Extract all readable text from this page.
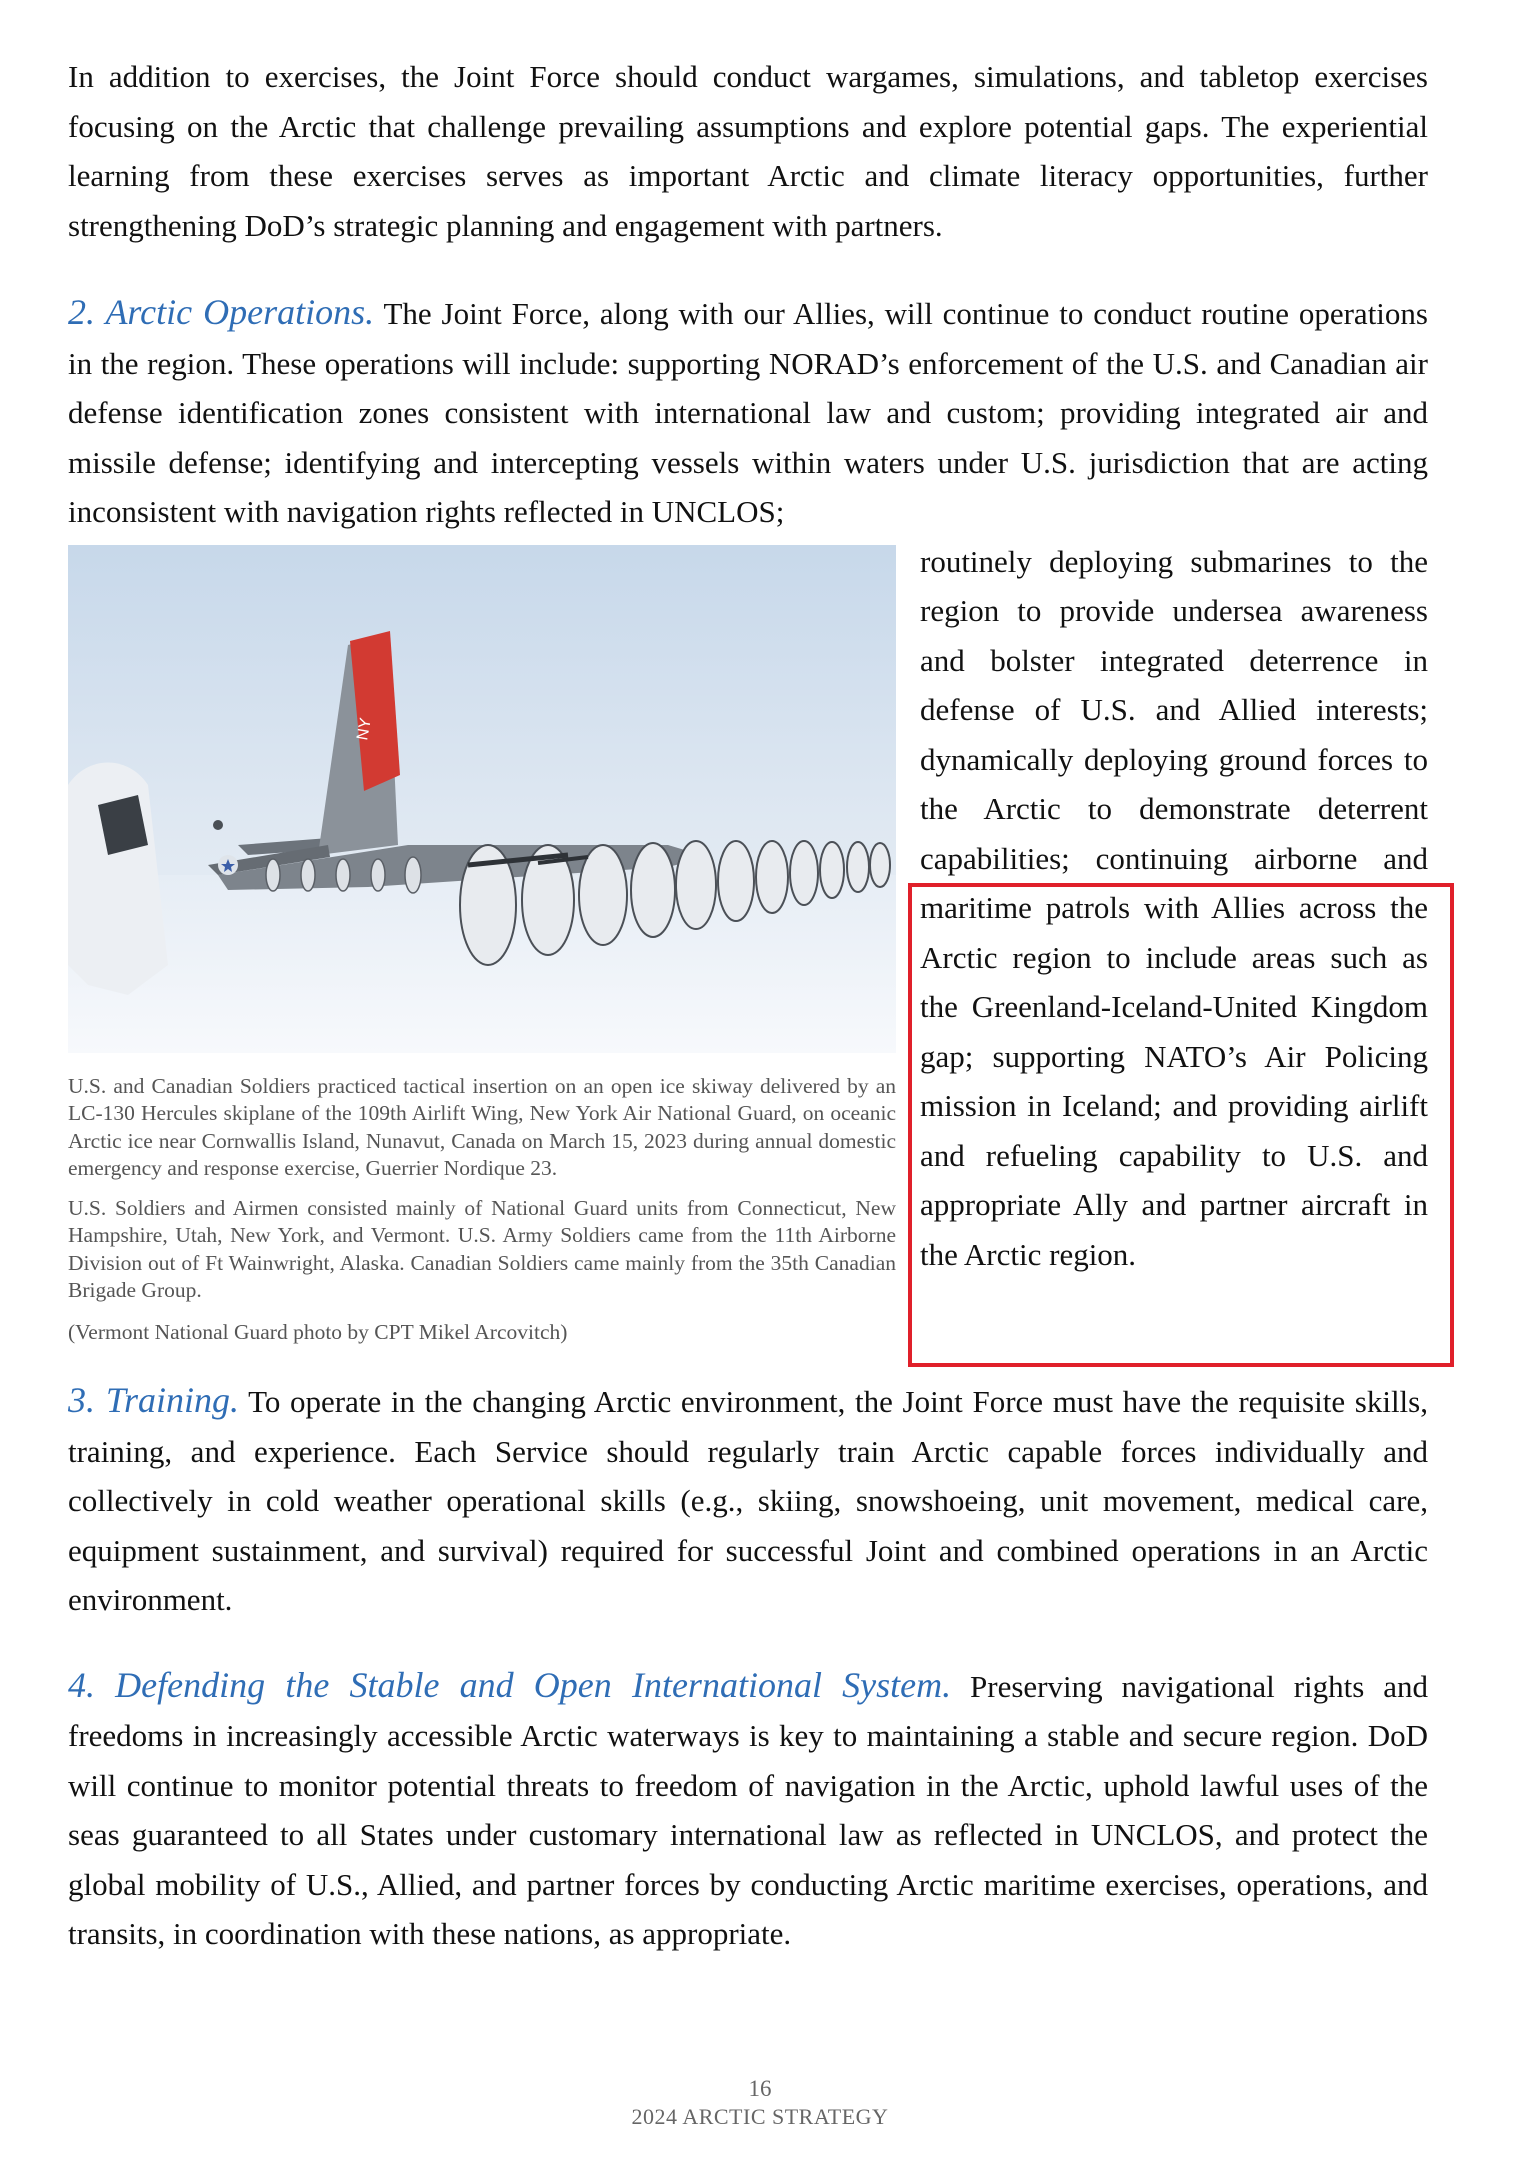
In addition to exercises, the Joint Force should conduct wargames, simulations, and tabletop exercises focusing on the Arctic that challenge prevailing assumptions and explore potential gaps. The experiential learning from these exercises serves as important Arctic and climate literacy opportunities, further strengthening DoD’s strategic planning and engagement with partners.

2. Arctic Operations. The Joint Force, along with our Allies, will continue to conduct routine operations in the region. These operations will include: supporting NORAD’s enforcement of the U.S. and Canadian air defense identification zones consistent with international law and custom; providing integrated air and missile defense; identifying and intercepting vessels within waters under U.S. jurisdiction that are acting inconsistent with navigation rights reflected in UNCLOS;

NY

U.S. and Canadian Soldiers practiced tactical insertion on an open ice skiway delivered by an LC-130 Hercules skiplane of the 109th Airlift Wing, New York Air National Guard, on oceanic Arctic ice near Cornwallis Island, Nunavut, Canada on March 15, 2023 during annual domestic emergency and response exercise, Guerrier Nordique 23.

U.S. Soldiers and Airmen consisted mainly of National Guard units from Connecticut, New Hampshire, Utah, New York, and Vermont. U.S. Army Soldiers came from the 11th Airborne Division out of Ft Wainwright, Alaska. Canadian Soldiers came mainly from the 35th Canadian Brigade Group.

(Vermont National Guard photo by CPT Mikel Arcovitch)

routinely deploying submarines to the region to provide undersea awareness and bolster integrated deterrence in defense of U.S. and Allied interests; dynamically deploying ground forces to the Arctic to demonstrate deterrent capabilities; continuing airborne and maritime patrols with Allies across the Arctic region to include areas such as the Greenland-Iceland-United Kingdom gap; supporting NATO’s Air Policing mission in Iceland; and providing airlift and refueling capability to U.S. and appropriate Ally and partner aircraft in the Arctic region.

3. Training. To operate in the changing Arctic environment, the Joint Force must have the requisite skills, training, and experience. Each Service should regularly train Arctic capable forces individually and collectively in cold weather operational skills (e.g., skiing, snowshoeing, unit movement, medical care, equipment sustainment, and survival) required for successful Joint and combined operations in an Arctic environment.

4. Defending the Stable and Open International System. Preserving navigational rights and freedoms in increasingly accessible Arctic waterways is key to maintaining a stable and secure region. DoD will continue to monitor potential threats to freedom of navigation in the Arctic, uphold lawful uses of the seas guaranteed to all States under customary international law as reflected in UNCLOS, and protect the global mobility of U.S., Allied, and partner forces by conducting Arctic maritime exercises, operations, and transits, in coordination with these nations, as appropriate.

16
2024 ARCTIC STRATEGY
